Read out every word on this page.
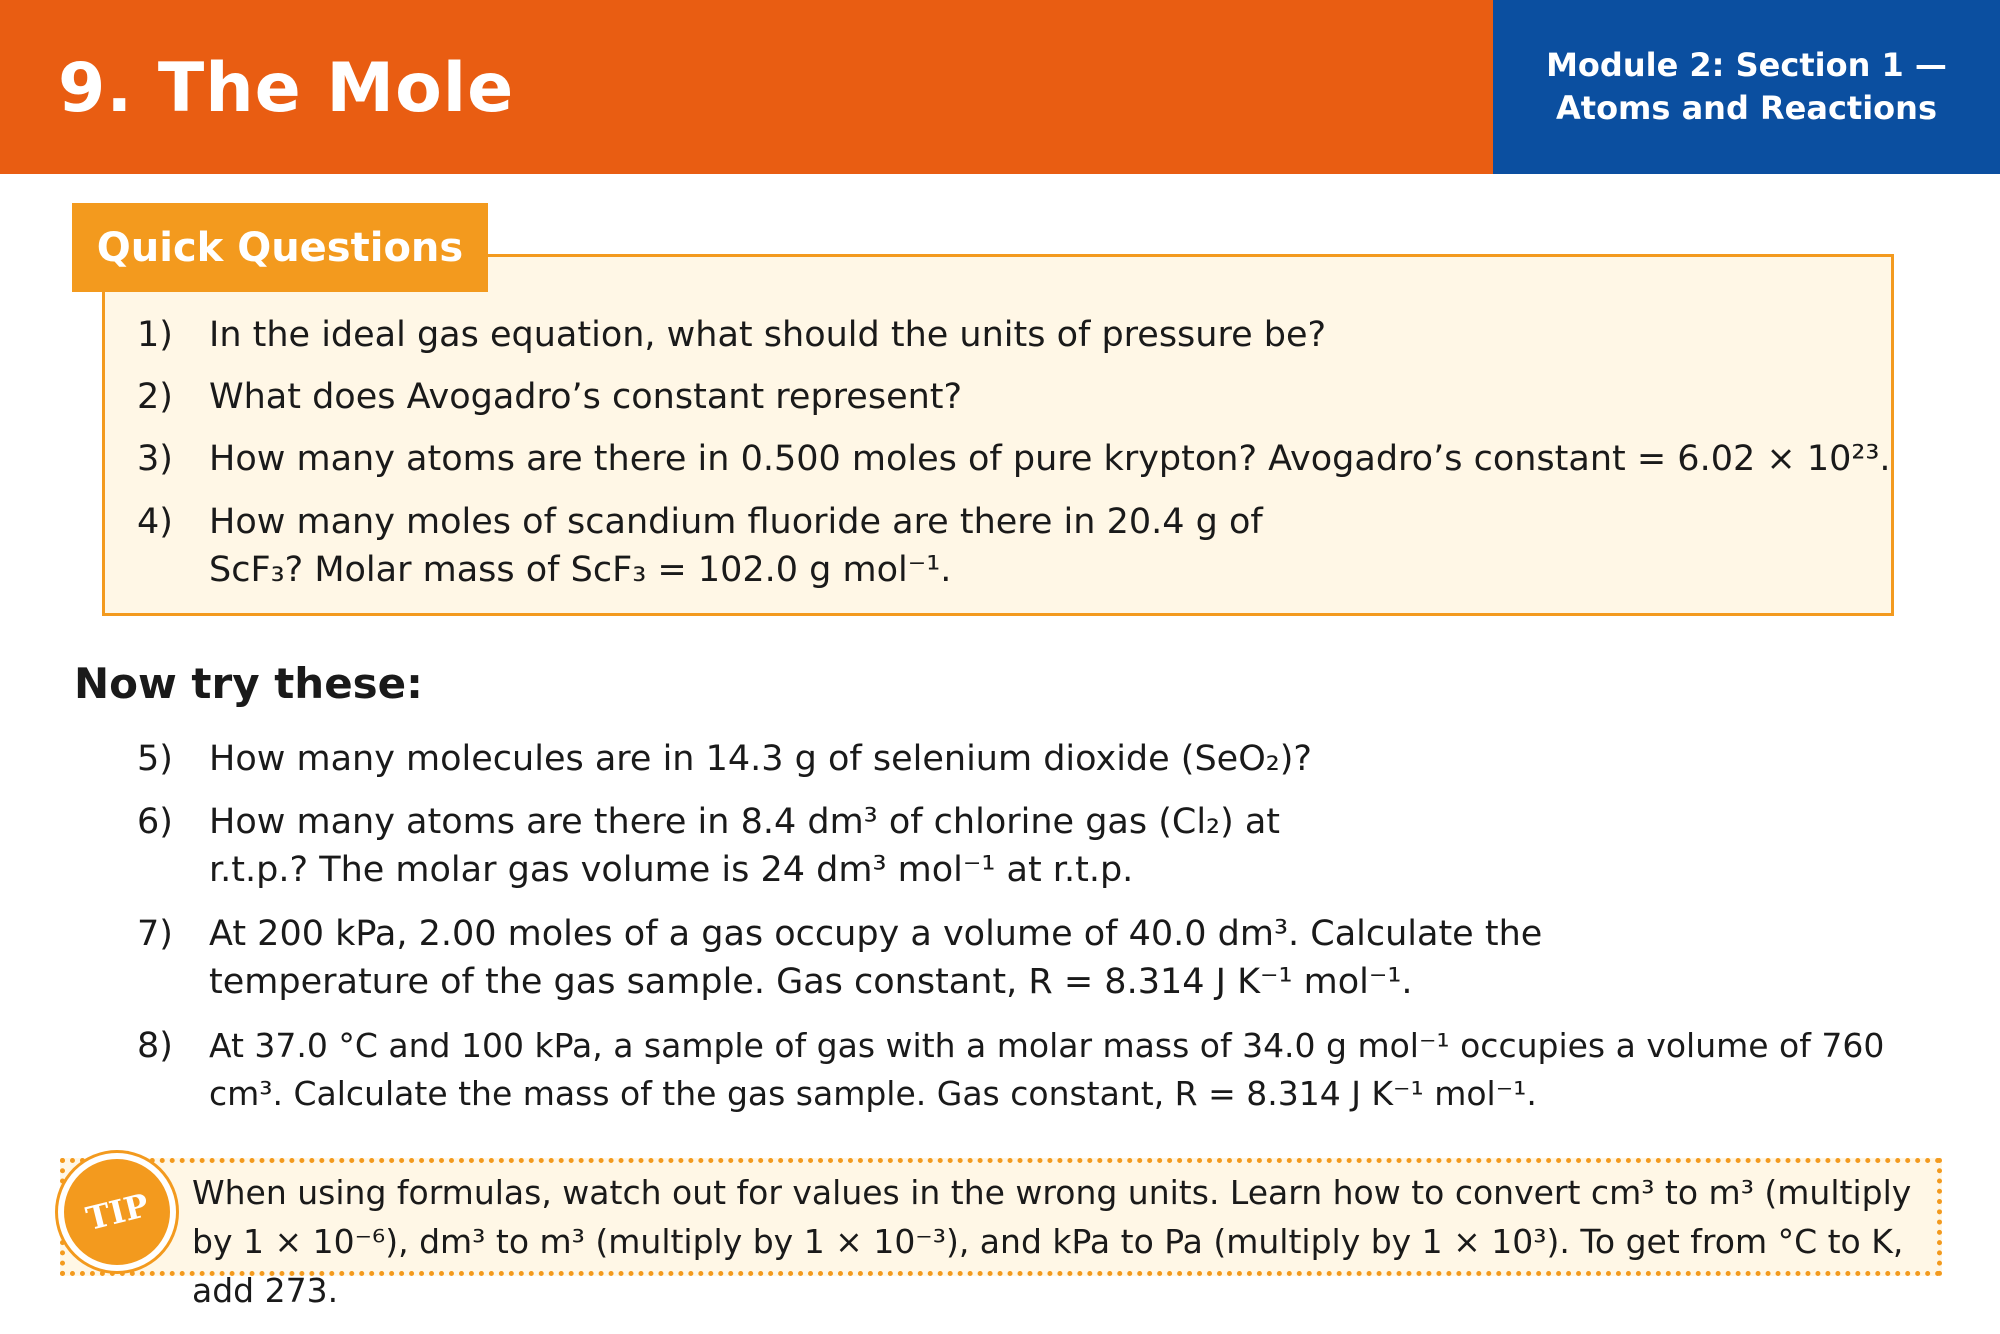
9. The Mole	Module 2: Section 1 —
Atoms and Reactions
Quick Questions
1) In the ideal gas equation, what should the units of pressure be?
2) What does Avogadro’s constant represent?
3) How many atoms are there in 0.500 moles of pure krypton? Avogadro’s constant = 6.02 × 10²³.
4) How many moles of scandium fluoride are there in 20.4 g of ScF₃? Molar mass of ScF₃ = 102.0 g mol⁻¹.
Now try these:
5) How many molecules are in 14.3 g of selenium dioxide (SeO₂)?
6) How many atoms are there in 8.4 dm³ of chlorine gas (Cl₂) at r.t.p.? The molar gas volume is 24 dm³ mol⁻¹ at r.t.p.
7) At 200 kPa, 2.00 moles of a gas occupy a volume of 40.0 dm³. Calculate the temperature of the gas sample. Gas constant, R = 8.314 J K⁻¹ mol⁻¹.
8) At 37.0 °C and 100 kPa, a sample of gas with a molar mass of 34.0 g mol⁻¹ occupies a volume of 760 cm³. Calculate the mass of the gas sample. Gas constant, R = 8.314 J K⁻¹ mol⁻¹.
TIP When using formulas, watch out for values in the wrong units. Learn how to convert cm³ to m³ (multiply by 1 × 10⁻⁶), dm³ to m³ (multiply by 1 × 10⁻³), and kPa to Pa (multiply by 1 × 10³). To get from °C to K, add 273.
